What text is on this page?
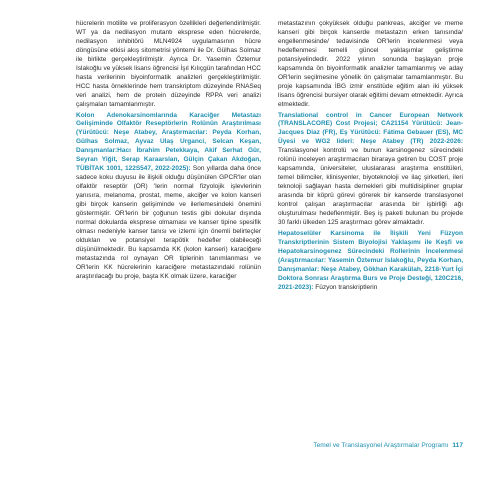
hücrelerin motilite ve proliferasyon özellikleri değerlendirilmiştir. WT ya da nedilasyon mutantı eksprese eden hücrelerde, nedilasyon inhibitörü MLN4924 uygulamasının hücre döngüsüne etkisi akış sitometrisi yöntemi ile Dr. Gülhas Solmaz ile birlikte gerçekleştirilmiştir. Ayrıca Dr. Yasemin Öztemur Islakoğlu ve yüksek lisans öğrencisi İşıl Kılıçgün tarafından HCC hasta verilerinin biyoinformatik analizleri gerçekleştirilmiştir. HCC hasta örneklerinde hem transkriptom düzeyinde RNASeq veri analizi, hem de protein düzeyinde RPPA veri analizi çalışmaları tamamlanmıştır.

Kolon Adenokarsinomlarında Karaciğer Metastazı Gelişiminde Olfaktör Reseptörlerin Rolünün Araştırılması (Yürütücü: Neşe Atabey, Araştırmacılar: Peyda Korhan, Gülhas Solmaz, Ayvaz Ulaş Urganci, Selcan Keşan, Danışmanlar:Hacı İbrahim Petekkaya, Akif Serhat Gür, Seyran Yiğit, Serap Karaarslan, Gülçin Çakan Akdoğan, TÜBİTAK 1001, 122S547, 2022-2025): Son yıllarda daha önce sadece koku duyusu ile ilişkili olduğu düşünülen GPCR'ler olan olfaktör reseptör (OR) 'lerin normal fizyolojik işlevlerinin yanısıra, melanoma, prostat, meme, akciğer ve kolon kanseri gibi birçok kanserin gelişiminde ve ilerlemesindeki önemini göstermiştir. OR'lerin bir çoğunun testis gibi dokular dışında normal dokularda eksprese olmaması ve kanser tipine spesifik olması nedeniyle kanser tanısı ve izlemi için önemli belirteçler oldukları ve potansiyel terapötik hedefler olabileceği düşünülmektedir. Bu kapsamda KK (kolon kanseri) karaciğere metastazında rol oynayan OR tiplerinin tanımlanması ve OR'lerin KK hücrelerinin karaciğere metastazındaki rolünün araştırılacağı bu proje, başta KK olmak üzere, karaciğer

metastazının çokyüksek olduğu pankreas, akciğer ve meme kanseri gibi birçok kanserde metastazın erken tanısında/ engellenmesinde/ tedavisinde OR'lerin incelenmesi veya hedeflenmesi temelli güncel yaklaşımlar geliştirme potansiyelindedir. 2022 yılının sonunda başlayan proje kapsamında ön biyoinformatik analizler tamamlanmış ve aday OR'lerin seçilmesine yönelik ön çalışmalar tamamlanmıştır. Bu proje kapsamında İBG izmir enstitüde eğitim alan iki yüksek lisans öğrencisi bursiyer olarak eğitimi devam etmektedir. Ayrıca etmektedir.

Translational control in Cancer European Network (TRANSLACORE) Cost Projesi; CA21154 Yürütücü: Jean-Jacques Diaz (FR), Eş Yürütücü: Fátima Gebauer (ES), MC Üyesi ve WG2 lideri: Neşe Atabey (TR) 2022-2026: Translasyonel kontrolü ve bunun karsinogenez sürecindeki rolünü inceleyen araştırmacıları biraraya getiren bu COST proje kapsamında, üniversiteler, uluslararası araştırma enstitüleri, temel bilimciler, klinisyenler, biyoteknoloji ve ilaç şirketleri, ileri teknoloji sağlayan hasta dernekleri gibi multidisipliner gruplar arasında bir köprü görevi görerek bir kanserde translasyonel kontrol çalışan araştırmacılar arasında bir işbirliği ağı oluşturulması hedeflenmiştir. Beş iş paketi bulunan bu projede 30 farklı ülkeden 125 araştırmacı görev almaktadır.

Hepatoselüler Karsinoma ile İlişkili Yeni Füzyon Transkriptlerinin Sistem Biyolojisi Yaklaşımı ile Keşfi ve Hepatokarsinogenez Sürecindeki Rollerinin İncelenmesi (Araştırmacılar: Yasemin Öztemur Islakoğlu, Peyda Korhan, Danışmanlar: Neşe Atabey, Gökhan Karakülah, 2218-Yurt İçi Doktora Sonrası Araştırma Burs ve Proje Desteği, 120C216, 2021-2023): Füzyon transkriptlerin

Temel ve Translasyonel Araştırmalar Programı 117
